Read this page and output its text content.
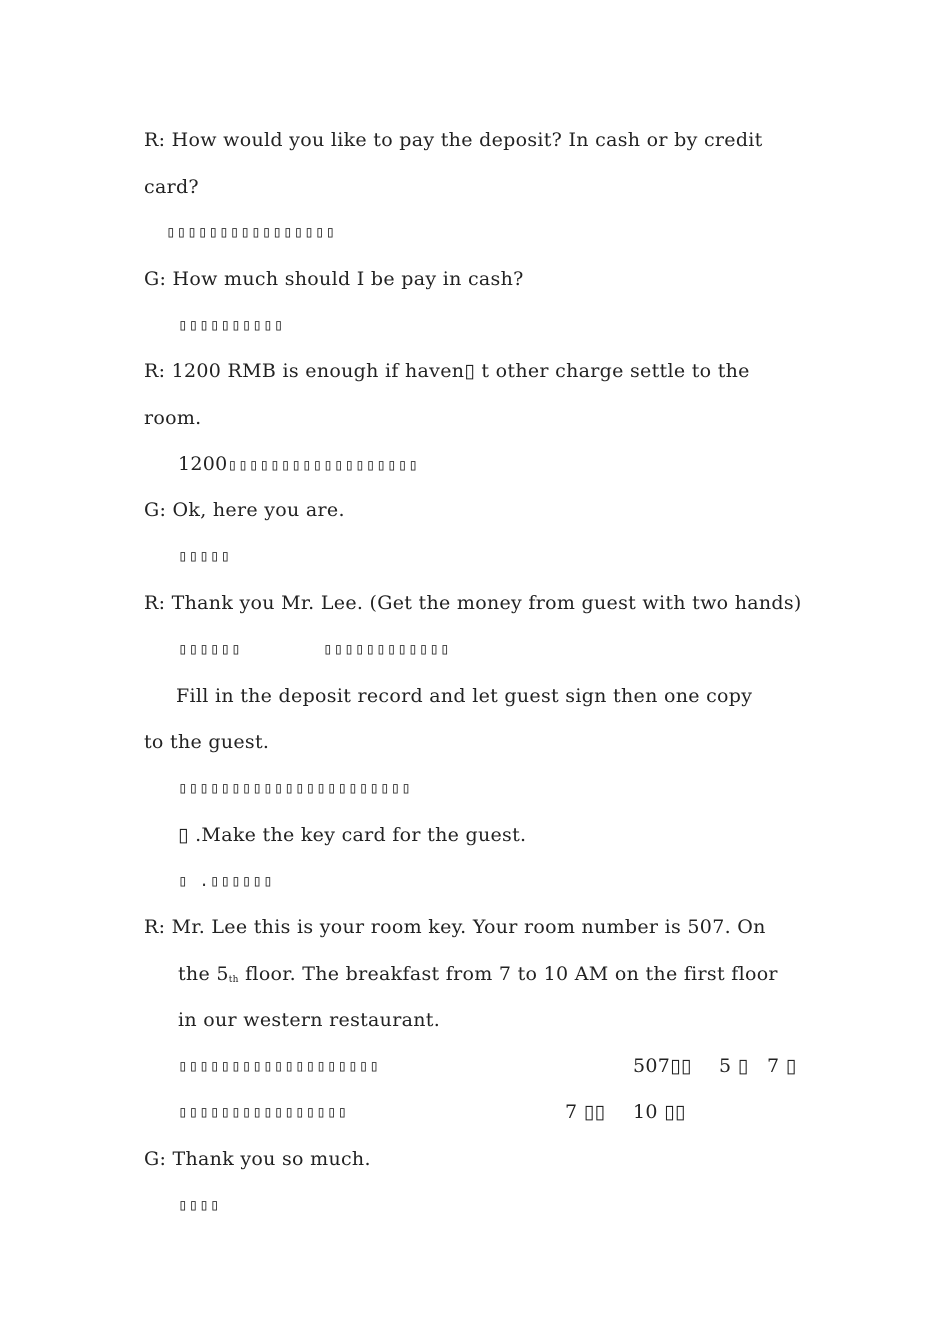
R: How would you like to pay the deposit? In cash or by credit
card?
▯▯▯▯▯▯▯▯▯▯▯▯▯▯▯▯
G: How much should I be pay in cash?
▯▯▯▯▯▯▯▯▯▯
R: 1200 RMB is enough if haven▯ t other charge settle to the
room.
1200▯▯▯▯▯▯▯▯▯▯▯▯▯▯▯▯▯▯
G: Ok, here you are.
▯▯▯▯▯
R: Thank you Mr. Lee. (Get the money from guest with two hands)
▯▯▯▯▯▯	▯▯▯▯▯▯▯▯▯▯▯▯
Fill in the deposit record and let guest sign then one copy
to the guest.
▯▯▯▯▯▯▯▯▯▯▯▯▯▯▯▯▯▯▯▯▯▯
▯ .Make the key card for the guest.
▯ .▯▯▯▯▯▯
R: Mr. Lee this is your room key. Your room number is 507. On
the $5_{th}$ floor. The breakfast from 7 to 10 AM on the first floor
in our western restaurant.
▯▯▯▯▯▯▯▯▯▯▯▯▯▯▯▯▯▯▯	507▯▯ 5 ▯ 7 ▯
▯▯▯▯▯▯▯▯▯▯▯▯▯▯▯▯	7 ▯▯ 10 ▯▯
G: Thank you so much.
▯▯▯▯
